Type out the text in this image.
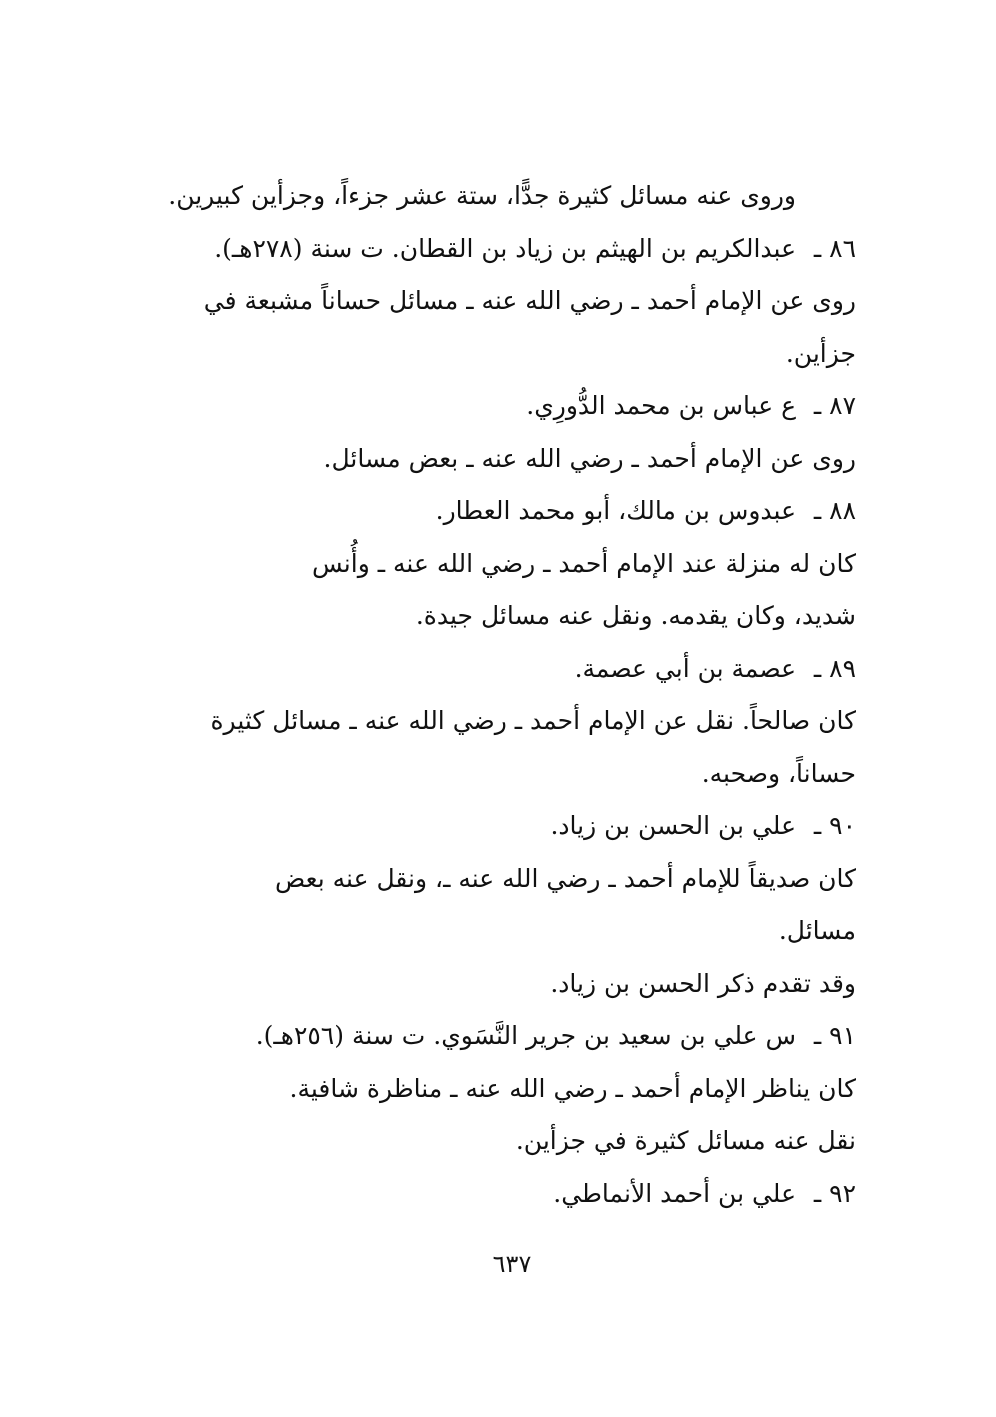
وروى عنه مسائل كثيرة جدًّا، ستة عشر جزءاً، وجزأين كبيرين.
٨٦ ـ
عبدالكريم بن الهيثم بن زياد بن القطان. ت سنة (٢٧٨هـ).
روى عن الإمام أحمد ـ رضي الله عنه ـ مسائل حساناً مشبعة في
جزأين.
٨٧ ـ
ع عباس بن محمد الدُّورِي.
روى عن الإمام أحمد ـ رضي الله عنه ـ بعض مسائل.
٨٨ ـ
عبدوس بن مالك، أبو محمد العطار.
كان له منزلة عند الإمام أحمد ـ رضي الله عنه ـ وأُنس
شديد، وكان يقدمه. ونقل عنه مسائل جيدة.
٨٩ ـ
عصمة بن أبي عصمة.
كان صالحاً. نقل عن الإمام أحمد ـ رضي الله عنه ـ مسائل كثيرة
حساناً، وصحبه.
٩٠ ـ
علي بن الحسن بن زياد.
كان صديقاً للإمام أحمد ـ رضي الله عنه ـ، ونقل عنه بعض
مسائل.
وقد تقدم ذكر الحسن بن زياد.
٩١ ـ
س علي بن سعيد بن جرير النَّسَوي. ت سنة (٢٥٦هـ).
كان يناظر الإمام أحمد ـ رضي الله عنه ـ مناظرة شافية.
نقل عنه مسائل كثيرة في جزأين.
٩٢ ـ
علي بن أحمد الأنماطي.
٦٣٧
